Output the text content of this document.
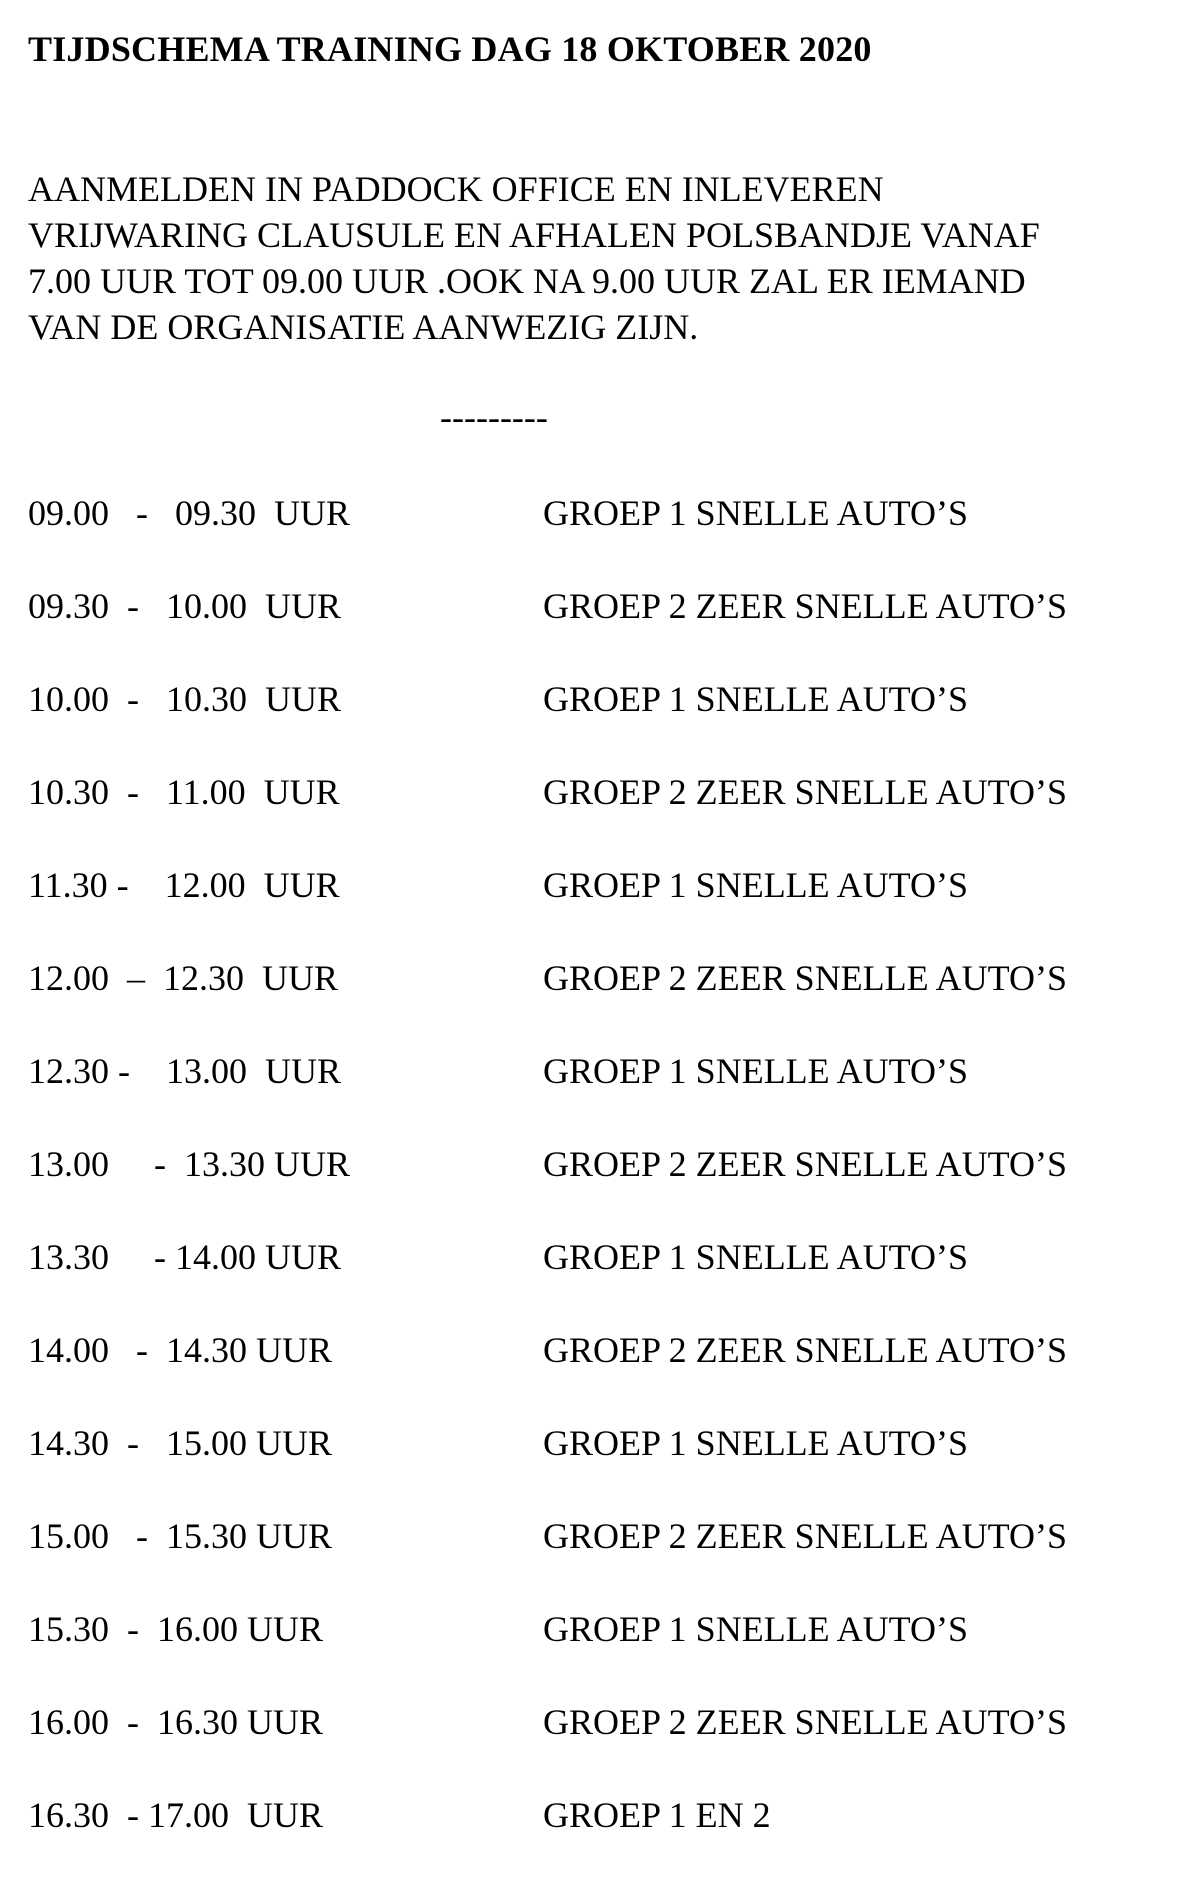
TIJDSCHEMA TRAINING DAG 18 OKTOBER 2020
AANMELDEN IN PADDOCK OFFICE EN INLEVEREN
VRIJWARING CLAUSULE EN AFHALEN POLSBANDJE VANAF
7.00 UUR TOT 09.00 UUR .OOK NA 9.00 UUR ZAL ER IEMAND
VAN DE ORGANISATIE AANWEZIG ZIJN.
---------
09.00   -   09.30  UUR	GROEP 1 SNELLE AUTO’S
09.30  -   10.00  UUR	GROEP 2 ZEER SNELLE AUTO’S
10.00  -   10.30  UUR	GROEP 1 SNELLE AUTO’S
10.30  -   11.00  UUR	GROEP 2 ZEER SNELLE AUTO’S
11.30 -    12.00  UUR	GROEP 1 SNELLE AUTO’S
12.00  –  12.30  UUR	GROEP 2 ZEER SNELLE AUTO’S
12.30 -    13.00  UUR	GROEP 1 SNELLE AUTO’S
13.00     -  13.30 UUR	GROEP 2 ZEER SNELLE AUTO’S
13.30     - 14.00 UUR	GROEP 1 SNELLE AUTO’S
14.00   -  14.30 UUR	GROEP 2 ZEER SNELLE AUTO’S
14.30  -   15.00 UUR	GROEP 1 SNELLE AUTO’S
15.00   -  15.30 UUR	GROEP 2 ZEER SNELLE AUTO’S
15.30  -  16.00 UUR	GROEP 1 SNELLE AUTO’S
16.00  -  16.30 UUR	GROEP 2 ZEER SNELLE AUTO’S
16.30  - 17.00  UUR	GROEP 1 EN 2
